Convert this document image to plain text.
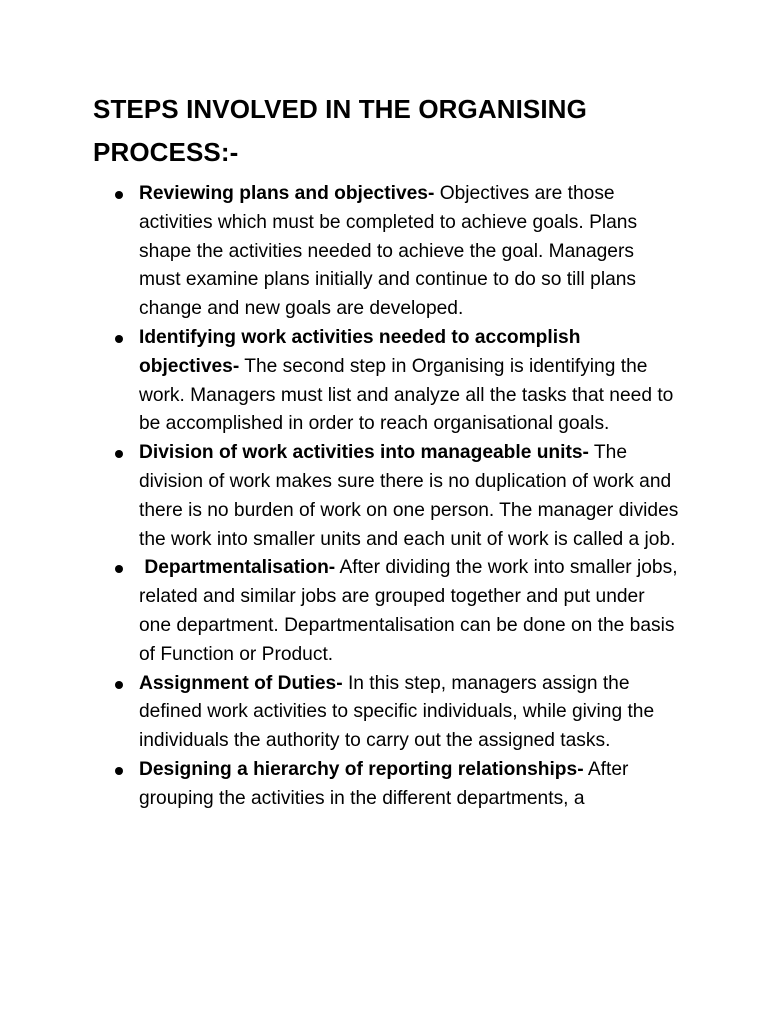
STEPS INVOLVED IN THE ORGANISING PROCESS:-
Reviewing plans and objectives- Objectives are those activities which must be completed to achieve goals. Plans shape the activities needed to achieve the goal. Managers must examine plans initially and continue to do so till plans change and new goals are developed.
Identifying work activities needed to accomplish objectives- The second step in Organising is identifying the work. Managers must list and analyze all the tasks that need to be accomplished in order to reach organisational goals.
Division of work activities into manageable units- The division of work makes sure there is no duplication of work and there is no burden of work on one person. The manager divides the work into smaller units and each unit of work is called a job.
Departmentalisation- After dividing the work into smaller jobs, related and similar jobs are grouped together and put under one department. Departmentalisation can be done on the basis of Function or Product.
Assignment of Duties- In this step, managers assign the defined work activities to specific individuals, while giving the individuals the authority to carry out the assigned tasks.
Designing a hierarchy of reporting relationships- After grouping the activities in the different departments, a
